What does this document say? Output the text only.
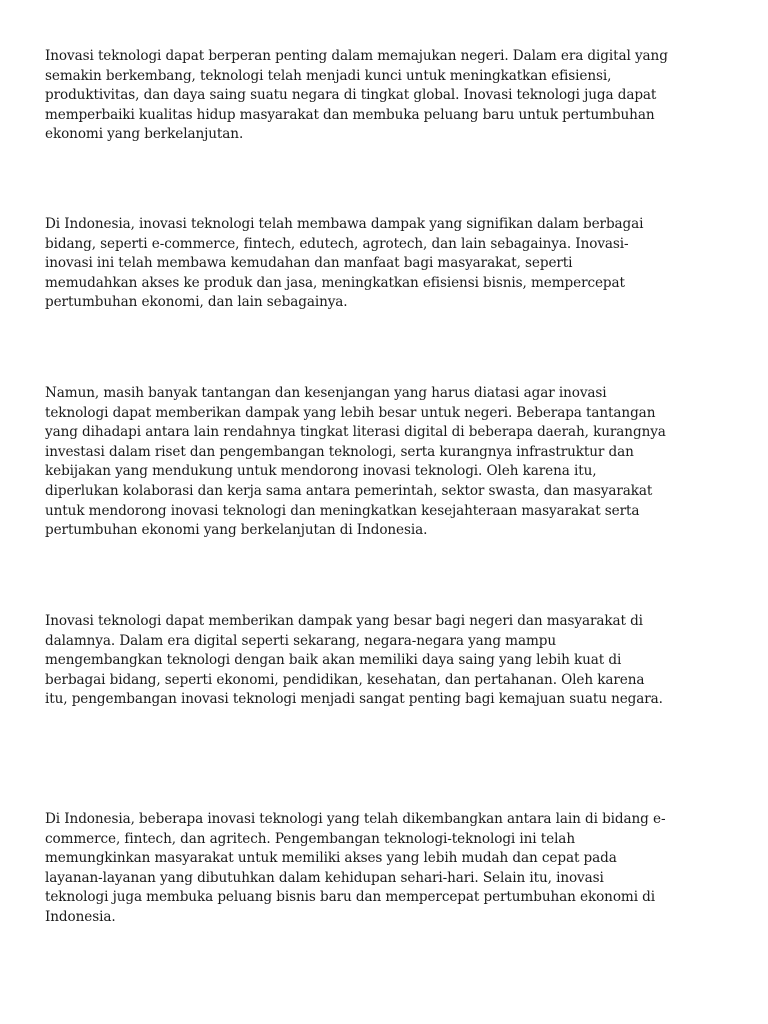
Inovasi teknologi dapat berperan penting dalam memajukan negeri. Dalam era digital yang
semakin berkembang, teknologi telah menjadi kunci untuk meningkatkan efisiensi,
produktivitas, dan daya saing suatu negara di tingkat global. Inovasi teknologi juga dapat
memperbaiki kualitas hidup masyarakat dan membuka peluang baru untuk pertumbuhan
ekonomi yang berkelanjutan.

Di Indonesia, inovasi teknologi telah membawa dampak yang signifikan dalam berbagai
bidang, seperti e-commerce, fintech, edutech, agrotech, dan lain sebagainya. Inovasi-
inovasi ini telah membawa kemudahan dan manfaat bagi masyarakat, seperti
memudahkan akses ke produk dan jasa, meningkatkan efisiensi bisnis, mempercepat
pertumbuhan ekonomi, dan lain sebagainya.

Namun, masih banyak tantangan dan kesenjangan yang harus diatasi agar inovasi
teknologi dapat memberikan dampak yang lebih besar untuk negeri. Beberapa tantangan
yang dihadapi antara lain rendahnya tingkat literasi digital di beberapa daerah, kurangnya
investasi dalam riset dan pengembangan teknologi, serta kurangnya infrastruktur dan
kebijakan yang mendukung untuk mendorong inovasi teknologi. Oleh karena itu,
diperlukan kolaborasi dan kerja sama antara pemerintah, sektor swasta, dan masyarakat
untuk mendorong inovasi teknologi dan meningkatkan kesejahteraan masyarakat serta
pertumbuhan ekonomi yang berkelanjutan di Indonesia.

Inovasi teknologi dapat memberikan dampak yang besar bagi negeri dan masyarakat di
dalamnya. Dalam era digital seperti sekarang, negara-negara yang mampu
mengembangkan teknologi dengan baik akan memiliki daya saing yang lebih kuat di
berbagai bidang, seperti ekonomi, pendidikan, kesehatan, dan pertahanan. Oleh karena
itu, pengembangan inovasi teknologi menjadi sangat penting bagi kemajuan suatu negara.

Di Indonesia, beberapa inovasi teknologi yang telah dikembangkan antara lain di bidang e-
commerce, fintech, dan agritech. Pengembangan teknologi-teknologi ini telah
memungkinkan masyarakat untuk memiliki akses yang lebih mudah dan cepat pada
layanan-layanan yang dibutuhkan dalam kehidupan sehari-hari. Selain itu, inovasi
teknologi juga membuka peluang bisnis baru dan mempercepat pertumbuhan ekonomi di
Indonesia.
